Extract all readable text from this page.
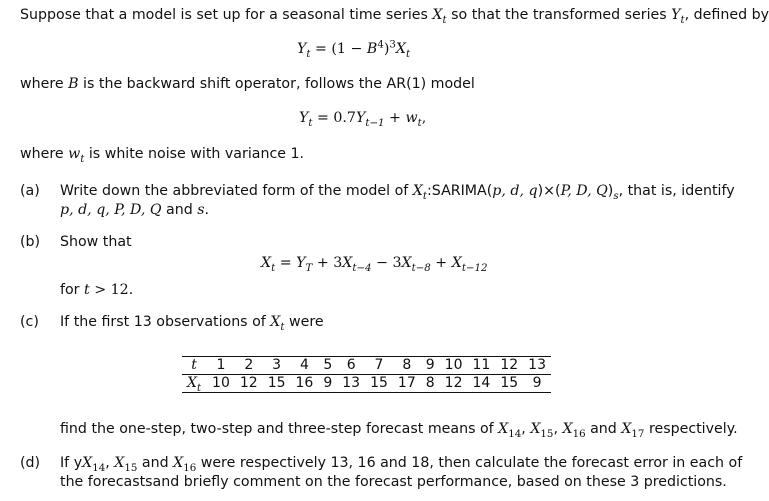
Suppose that a model is set up for a seasonal time series $X_t$ so that the transformed series $Y_t$, defined by
$Y_t = (1 - B^4)^3X_t$
where B is the backward shift operator, follows the AR(1) model
$Y_t = 0.7Y_{t-1} + w_t$,
where $w_t$ is white noise with variance 1.
(a) Write down the abbreviated form of the model of $X_t:SARIMA(p$, d, q)×(P, D, $Q)_s$, that is, identify
p, d, q, P, D, Q and s.
(b) Show that
$X_t = Y_T + 3X_{t-4} - 3X_{t-8} + X_{t-12}$
for t > 12.
(c) If the first 13 observations of $X_t$ were
t	1	2	3	4	5	6	7	8	9	10	11	12	13
$X_t$	10	12	15	16	9	13	15	17	8	12	14	15	9
find the one-step, two-step and three-step forecast means of $X_{14}$, $X_{15}$, $X_{16}$ and $X_{17}$ respectively.
(d) If $yX_{14}$, $X_{15}$ and $X_{16}$ were respectively 13, 16 and 18, then calculate the forecast error in each of
the forecastsand briefly comment on the forecast performance, based on these 3 predictions.
